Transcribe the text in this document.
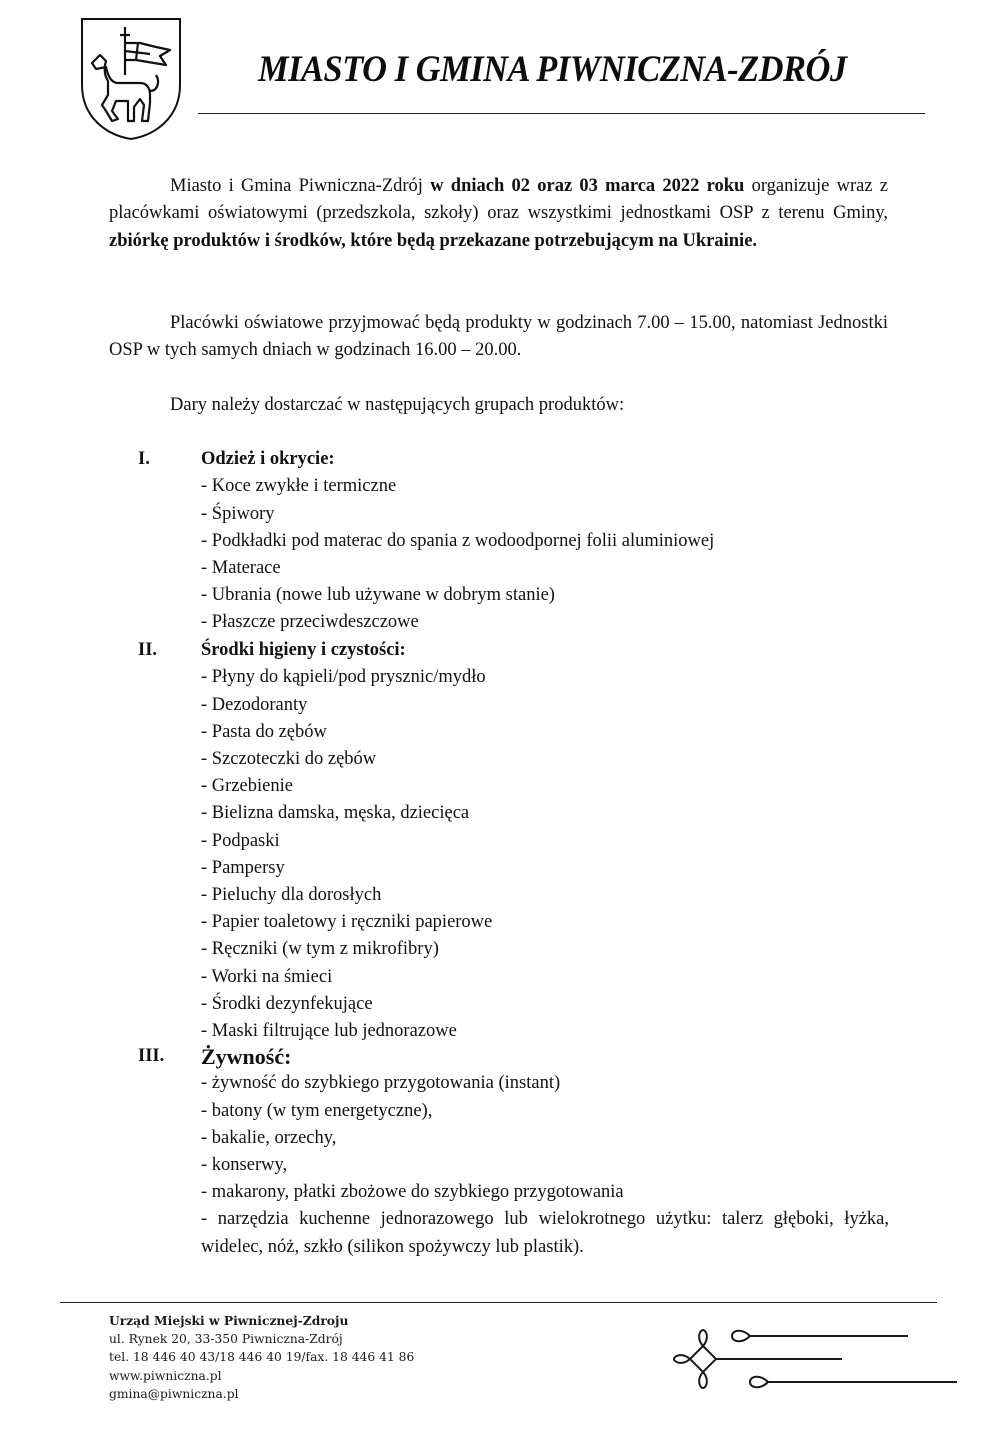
MIASTO I GMINA PIWNICZNA-ZDRÓJ

Miasto i Gmina Piwniczna-Zdrój w dniach 02 oraz 03 marca 2022 roku organizuje wraz z placówkami oświatowymi (przedszkola, szkoły) oraz wszystkimi jednostkami OSP z terenu Gminy, zbiórkę produktów i środków, które będą przekazane potrzebującym na Ukrainie.

Placówki oświatowe przyjmować będą produkty w godzinach 7.00 – 15.00, natomiast Jednostki OSP w tych samych dniach w godzinach 16.00 – 20.00.

Dary należy dostarczać w następujących grupach produktów:

I.	Odzież i okrycie:
- Koce zwykłe i termiczne
- Śpiwory
- Podkładki pod materac do spania z wodoodpornej folii aluminiowej
- Materace
- Ubrania (nowe lub używane w dobrym stanie)
- Płaszcze przeciwdeszczowe
II. Środki higieny i czystości:
- Płyny do kąpieli/pod prysznic/mydło
- Dezodoranty
- Pasta do zębów
- Szczoteczki do zębów
- Grzebienie
- Bielizna damska, męska, dziecięca
- Podpaski
- Pampersy
- Pieluchy dla dorosłych
- Papier toaletowy i ręczniki papierowe
- Ręczniki (w tym z mikrofibry)
- Worki na śmieci
- Środki dezynfekujące
- Maski filtrujące lub jednorazowe
III. Żywność:
- żywność do szybkiego przygotowania (instant)
- batony (w tym energetyczne),
- bakalie, orzechy,
- konserwy,
- makarony, płatki zbożowe do szybkiego przygotowania
- narzędzia kuchenne jednorazowego lub wielokrotnego użytku: talerz głęboki, łyżka, widelec, nóż, szkło (silikon spożywczy lub plastik).
Urząd Miejski w Piwnicznej-Zdroju
ul. Rynek 20, 33-350 Piwniczna-Zdrój
tel. 18 446 40 43/18 446 40 19/fax. 18 446 41 86
www.piwniczna.pl
gmina@piwniczna.pl
